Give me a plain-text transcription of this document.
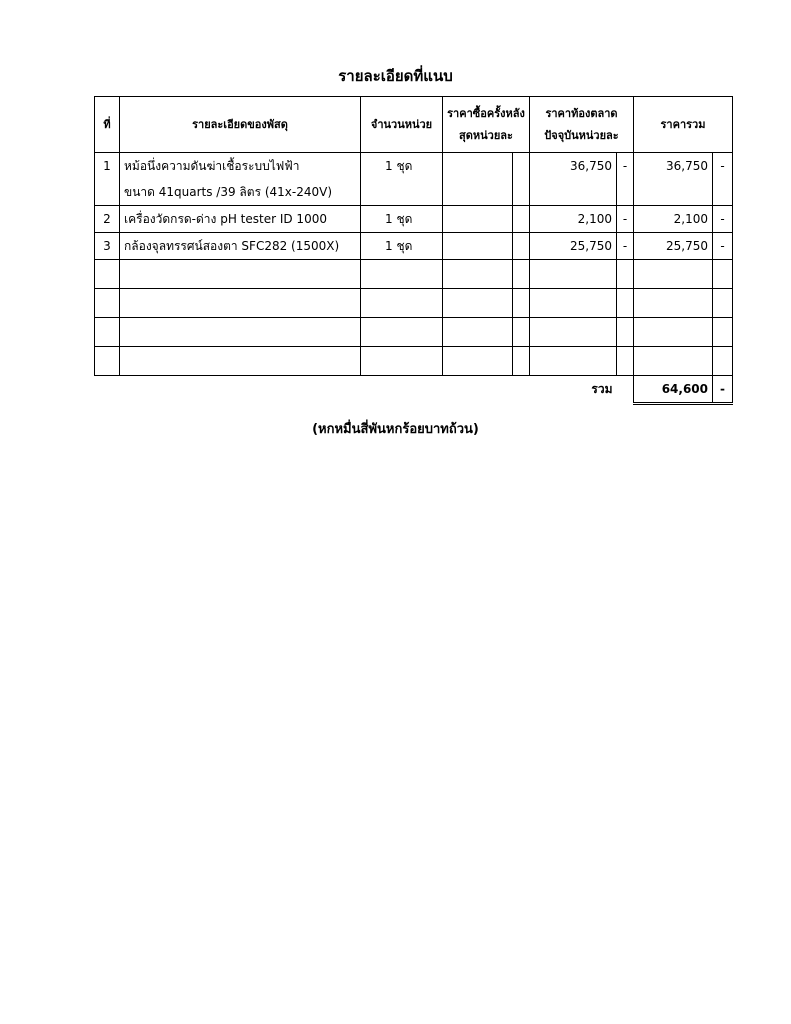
รายละเอียดที่แนบ
ที่	รายละเอียดของพัสดุ	จำนวนหน่วย	ราคาซื้อครั้งหลังสุดหน่วยละ		ราคาท้องตลาดปัจจุบันหน่วยละ		ราคารวม	
1	หม้อนึ่งความดันฆ่าเชื้อระบบไฟฟ้า
ขนาด 41quarts /39 ลิตร (41x-240V)	1 ชุด			36,750	-	36,750	-
2	เครื่องวัดกรด-ด่าง pH tester ID 1000	1 ชุด			2,100	-	2,100	-
3	กล้องจุลทรรศน์สองตา SFC282 (1500X)	1 ชุด			25,750	-	25,750	-

					รวม		64,600	-
(หกหมื่นสี่พันหกร้อยบาทถ้วน)
